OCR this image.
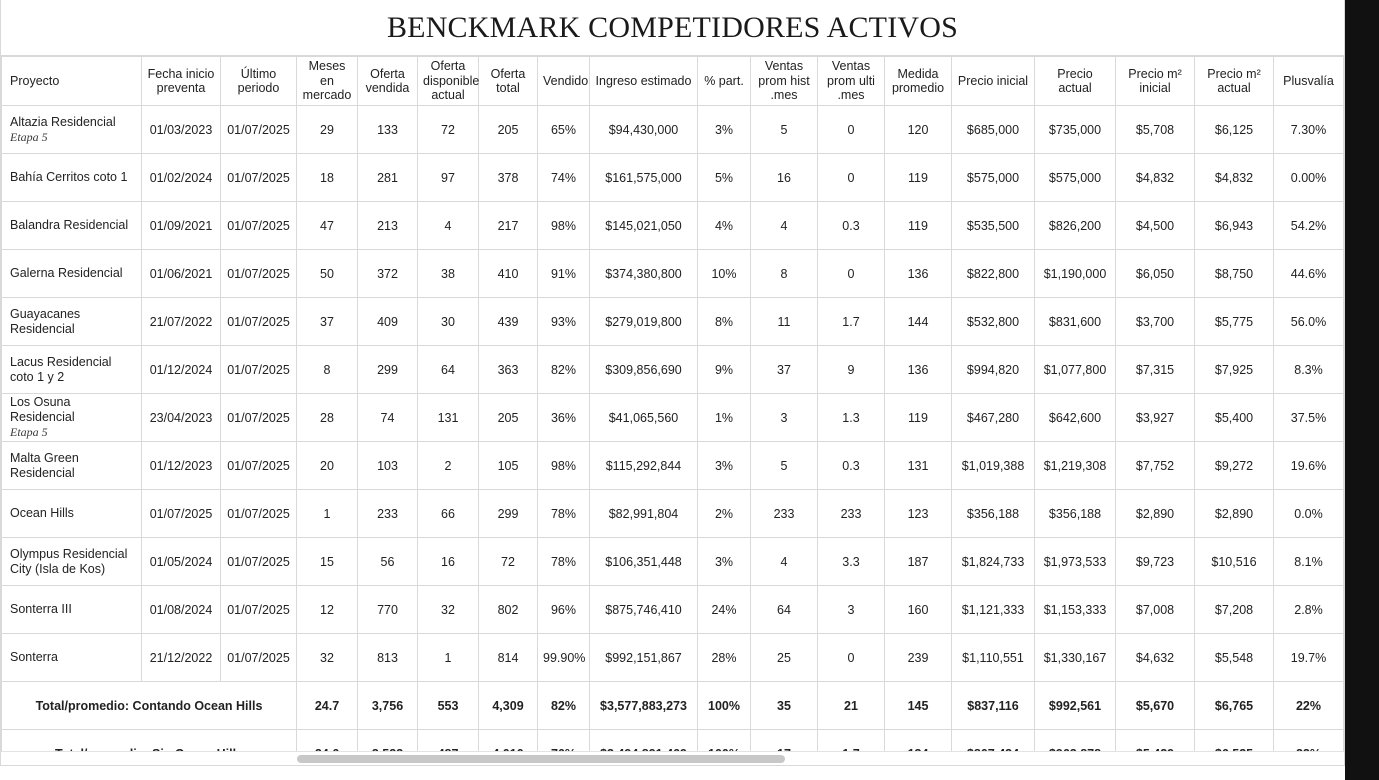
BENCKMARK COMPETIDORES ACTIVOS
Proyecto	Fecha inicio preventa	Último periodo	Meses en mercado	Oferta vendida	Oferta disponible actual	Oferta total	Vendido	Ingreso estimado	% part.	Ventas prom hist .mes	Ventas prom ulti .mes	Medida promedio	Precio inicial	Precio actual	Precio m² inicial	Precio m² actual	Plusvalía
Altazia Residencial
Etapa 5	01/03/2023	01/07/2025	29	133	72	205	65%	$94,430,000	3%	5	0	120	$685,000	$735,000	$5,708	$6,125	7.30%
Bahía Cerritos coto 1	01/02/2024	01/07/2025	18	281	97	378	74%	$161,575,000	5%	16	0	119	$575,000	$575,000	$4,832	$4,832	0.00%
Balandra Residencial	01/09/2021	01/07/2025	47	213	4	217	98%	$145,021,050	4%	4	0.3	119	$535,500	$826,200	$4,500	$6,943	54.2%
Galerna Residencial	01/06/2021	01/07/2025	50	372	38	410	91%	$374,380,800	10%	8	0	136	$822,800	$1,190,000	$6,050	$8,750	44.6%
Guayacanes Residencial	21/07/2022	01/07/2025	37	409	30	439	93%	$279,019,800	8%	11	1.7	144	$532,800	$831,600	$3,700	$5,775	56.0%
Lacus Residencial coto 1 y 2	01/12/2024	01/07/2025	8	299	64	363	82%	$309,856,690	9%	37	9	136	$994,820	$1,077,800	$7,315	$7,925	8.3%
Los Osuna Residencial
Etapa 5	23/04/2023	01/07/2025	28	74	131	205	36%	$41,065,560	1%	3	1.3	119	$467,280	$642,600	$3,927	$5,400	37.5%
Malta Green Residencial	01/12/2023	01/07/2025	20	103	2	105	98%	$115,292,844	3%	5	0.3	131	$1,019,388	$1,219,308	$7,752	$9,272	19.6%
Ocean Hills	01/07/2025	01/07/2025	1	233	66	299	78%	$82,991,804	2%	233	233	123	$356,188	$356,188	$2,890	$2,890	0.0%
Olympus Residencial City (Isla de Kos)	01/05/2024	01/07/2025	15	56	16	72	78%	$106,351,448	3%	4	3.3	187	$1,824,733	$1,973,533	$9,723	$10,516	8.1%
Sonterra III	01/08/2024	01/07/2025	12	770	32	802	96%	$875,746,410	24%	64	3	160	$1,121,333	$1,153,333	$7,008	$7,208	2.8%
Sonterra	21/12/2022	01/07/2025	32	813	1	814	99.90%	$992,151,867	28%	25	0	239	$1,110,551	$1,330,167	$4,632	$5,548	19.7%
Total/promedio: Contando Ocean Hills			24.7	3,756	553	4,309	82%	$3,577,883,273	100%	35	21	145	$837,116	$992,561	$5,670	$6,765	22%
